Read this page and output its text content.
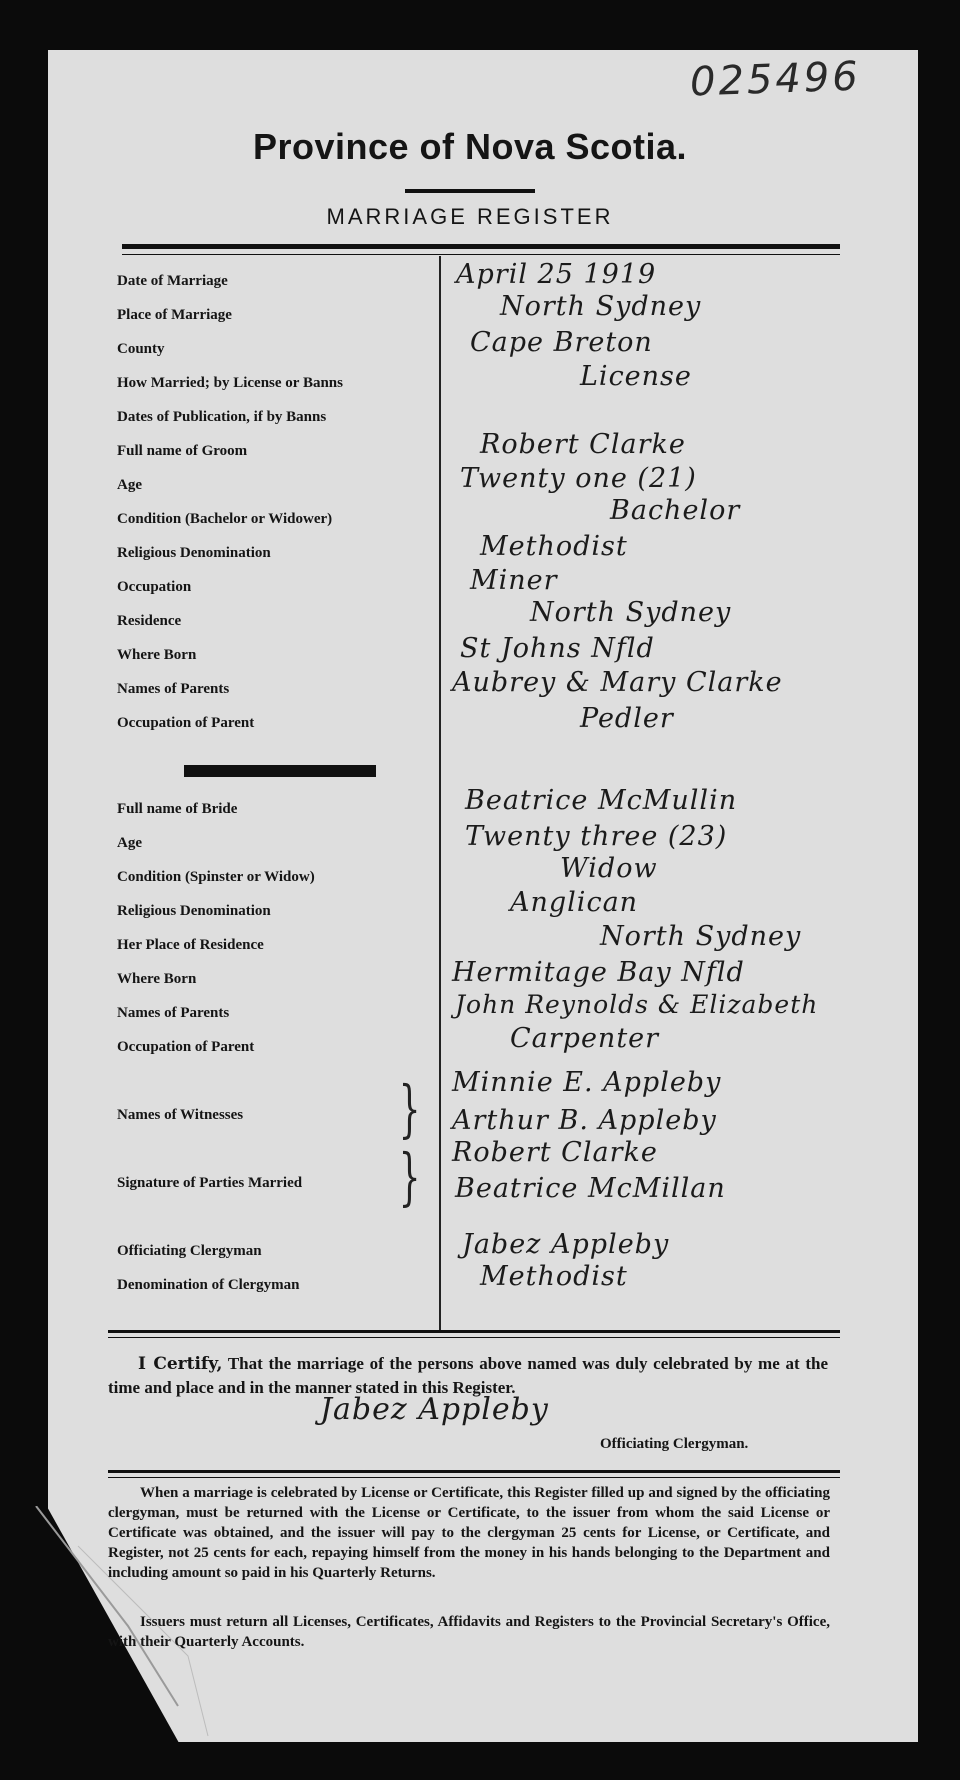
025496
Province of Nova Scotia.
MARRIAGE REGISTER
Date of Marriage	April 25 1919
Place of Marriage	North Sydney
County	Cape Breton
How Married; by License or Banns	License
Dates of Publication, if by Banns
Full name of Groom	Robert Clarke
Age	Twenty one (21)
Condition (Bachelor or Widower)	Bachelor
Religious Denomination	Methodist
Occupation	Miner
Residence	North Sydney
Where Born	St Johns Nfld
Names of Parents	Aubrey & Mary Clarke
Occupation of Parent	Pedler
Full name of Bride	Beatrice McMullin
Age	Twenty three (23)
Condition (Spinster or Widow)	Widow
Religious Denomination	Anglican
Her Place of Residence	North Sydney
Where Born	Hermitage Bay Nfld
Names of Parents	John Reynolds & Elizabeth
Occupation of Parent	Carpenter
Names of Witnesses	} Minnie E. Appleby
Arthur B. Appleby
Signature of Parties Married	} Robert Clarke
Beatrice McMillan
Officiating Clergyman	Jabez Appleby
Denomination of Clergyman	Methodist
I Certify, That the marriage of the persons above named was duly celebrated by me at the time and place and in the manner stated in this Register.
Jabez Appleby
Officiating Clergyman.
When a marriage is celebrated by License or Certificate, this Register filled up and signed by the officiating clergyman, must be returned with the License or Certificate, to the issuer from whom the said License or Certificate was obtained, and the issuer will pay to the clergyman 25 cents for License, or Certificate, and Register, not 25 cents for each, repaying himself from the money in his hands belonging to the Department and including amount so paid in his Quarterly Returns.
Issuers must return all Licenses, Certificates, Affidavits and Registers to the Provincial Secretary's Office, with their Quarterly Accounts.
